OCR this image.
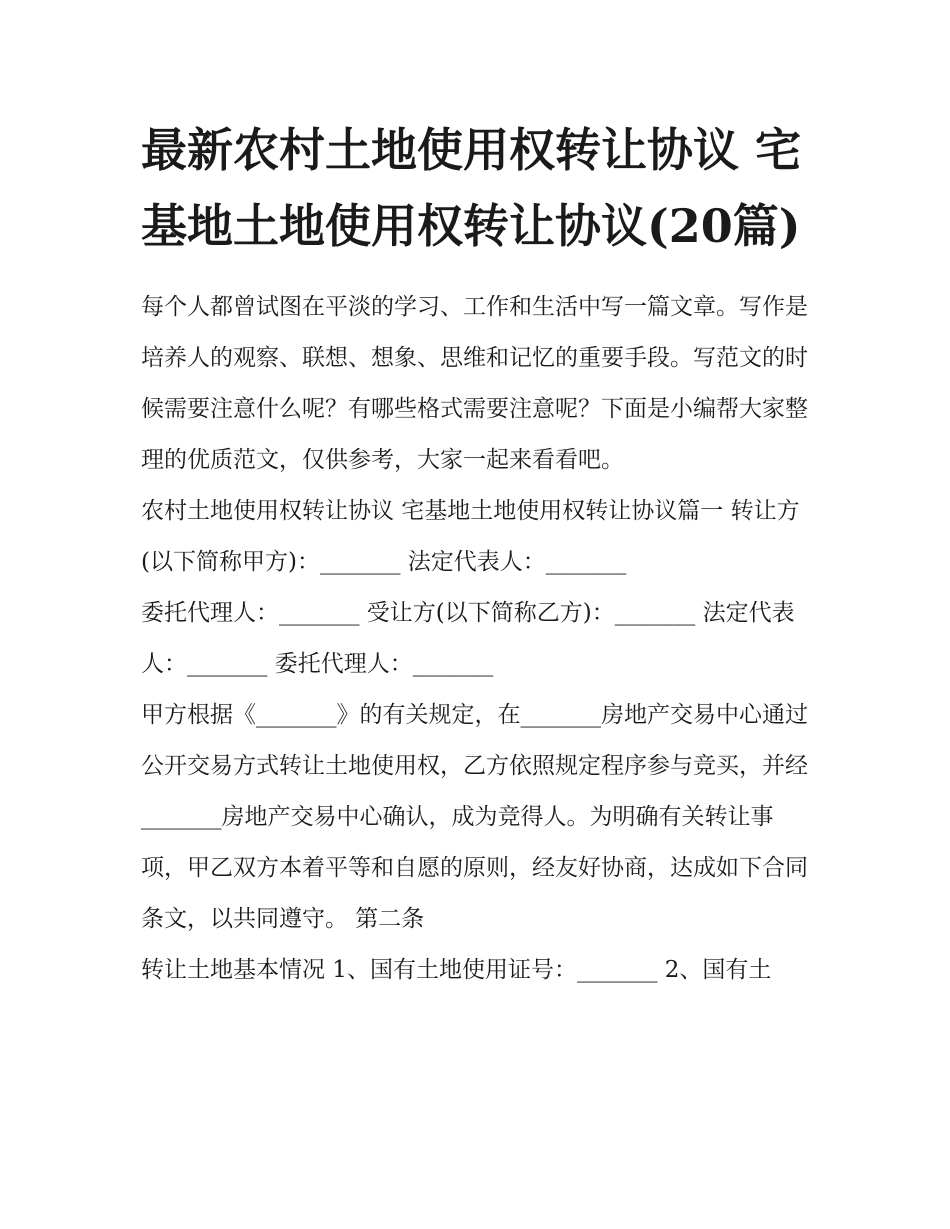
最新农村土地使用权转让协议 宅基地土地使用权转让协议(20篇)

每个人都曾试图在平淡的学习、工作和生活中写一篇文章。写作是培养人的观察、联想、想象、思维和记忆的重要手段。写范文的时候需要注意什么呢？有哪些格式需要注意呢？下面是小编帮大家整理的优质范文，仅供参考，大家一起来看看吧。

农村土地使用权转让协议 宅基地土地使用权转让协议篇一 转让方(以下简称甲方)：_______ 法定代表人：_______

委托代理人：_______ 受让方(以下简称乙方)：_______ 法定代表人：_______ 委托代理人：_______

甲方根据《_______》的有关规定，在_______房地产交易中心通过公开交易方式转让土地使用权，乙方依照规定程序参与竞买，并经

_______房地产交易中心确认，成为竞得人。为明确有关转让事项，甲乙双方本着平等和自愿的原则，经友好协商，达成如下合同条文，以共同遵守。 第二条

转让土地基本情况 1、国有土地使用证号：_______ 2、国有土
